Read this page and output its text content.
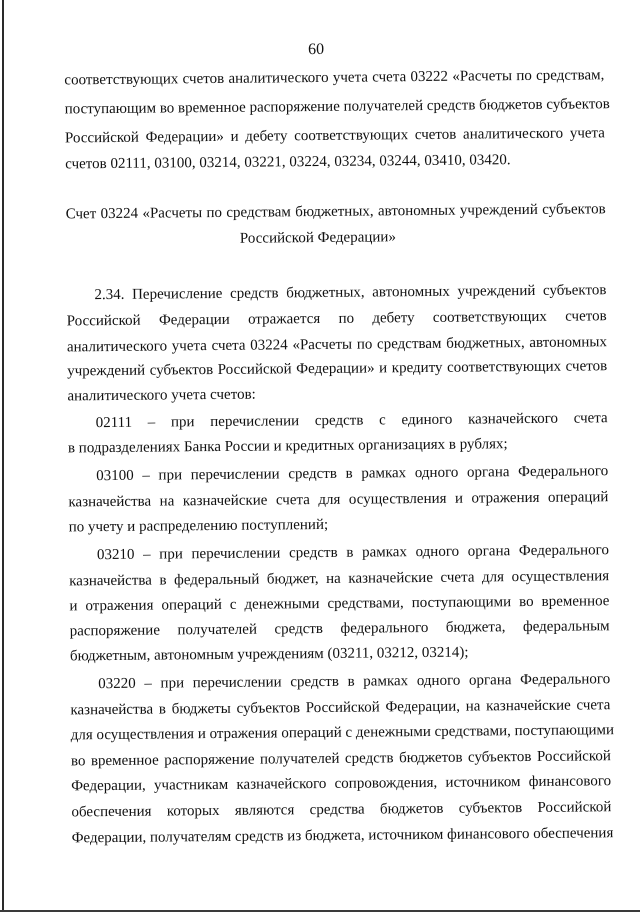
60
соответствующих счетов аналитического учета счета 03222 «Расчеты по средствам,
поступающим во временное распоряжение получателей средств бюджетов субъектов
Российской Федерации» и дебету соответствующих счетов аналитического учета
счетов 02111, 03100, 03214, 03221, 03224, 03234, 03244, 03410, 03420.
Счет 03224 «Расчеты по средствам бюджетных, автономных учреждений субъектов
Российской Федерации»
2.34. Перечисление средств бюджетных, автономных учреждений субъектов
Российской Федерации отражается по дебету соответствующих счетов
аналитического учета счета 03224 «Расчеты по средствам бюджетных, автономных
учреждений субъектов Российской Федерации» и кредиту соответствующих счетов
аналитического учета счетов:
02111 – при перечислении средств с единого казначейского счета
в подразделениях Банка России и кредитных организациях в рублях;
03100 – при перечислении средств в рамках одного органа Федерального
казначейства на казначейские счета для осуществления и отражения операций
по учету и распределению поступлений;
03210 – при перечислении средств в рамках одного органа Федерального
казначейства в федеральный бюджет, на казначейские счета для осуществления
и отражения операций с денежными средствами, поступающими во временное
распоряжение получателей средств федерального бюджета, федеральным
бюджетным, автономным учреждениям (03211, 03212, 03214);
03220 – при перечислении средств в рамках одного органа Федерального
казначейства в бюджеты субъектов Российской Федерации, на казначейские счета
для осуществления и отражения операций с денежными средствами, поступающими
во временное распоряжение получателей средств бюджетов субъектов Российской
Федерации, участникам казначейского сопровождения, источником финансового
обеспечения которых являются средства бюджетов субъектов Российской
Федерации, получателям средств из бюджета, источником финансового обеспечения
